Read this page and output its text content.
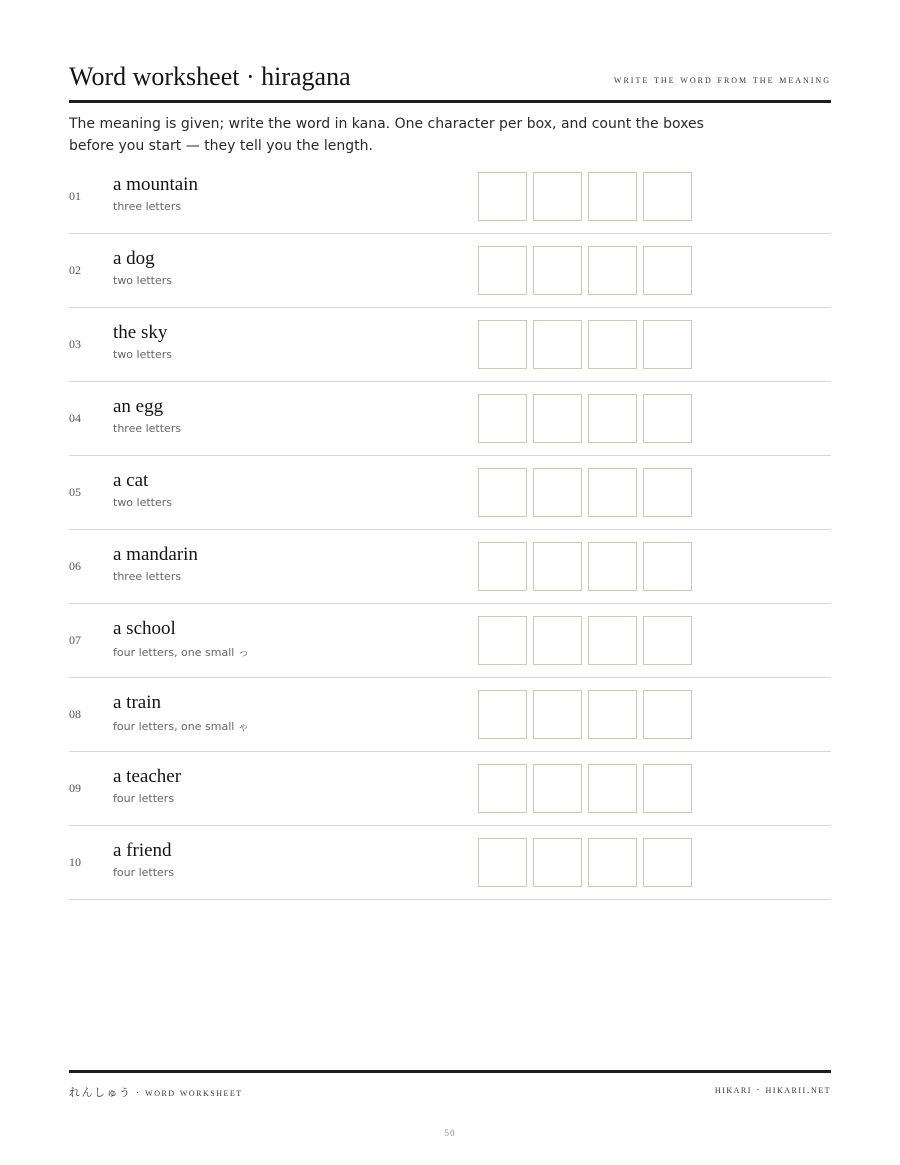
Word worksheet · hiragana	write the word from the meaning

The meaning is given; write the word in kana. One character per box, and count the boxes before you start — they tell you the length.

01
a mountain
three letters
02
a dog
two letters
03
the sky
two letters
04
an egg
three letters
05
a cat
two letters
06
a mandarin
three letters
07
a school
four letters, one small っ
08
a train
four letters, one small ゃ
09
a teacher
four letters
10
a friend
four letters
れんしゅう · word worksheet	hikari · hikarii.net
50
